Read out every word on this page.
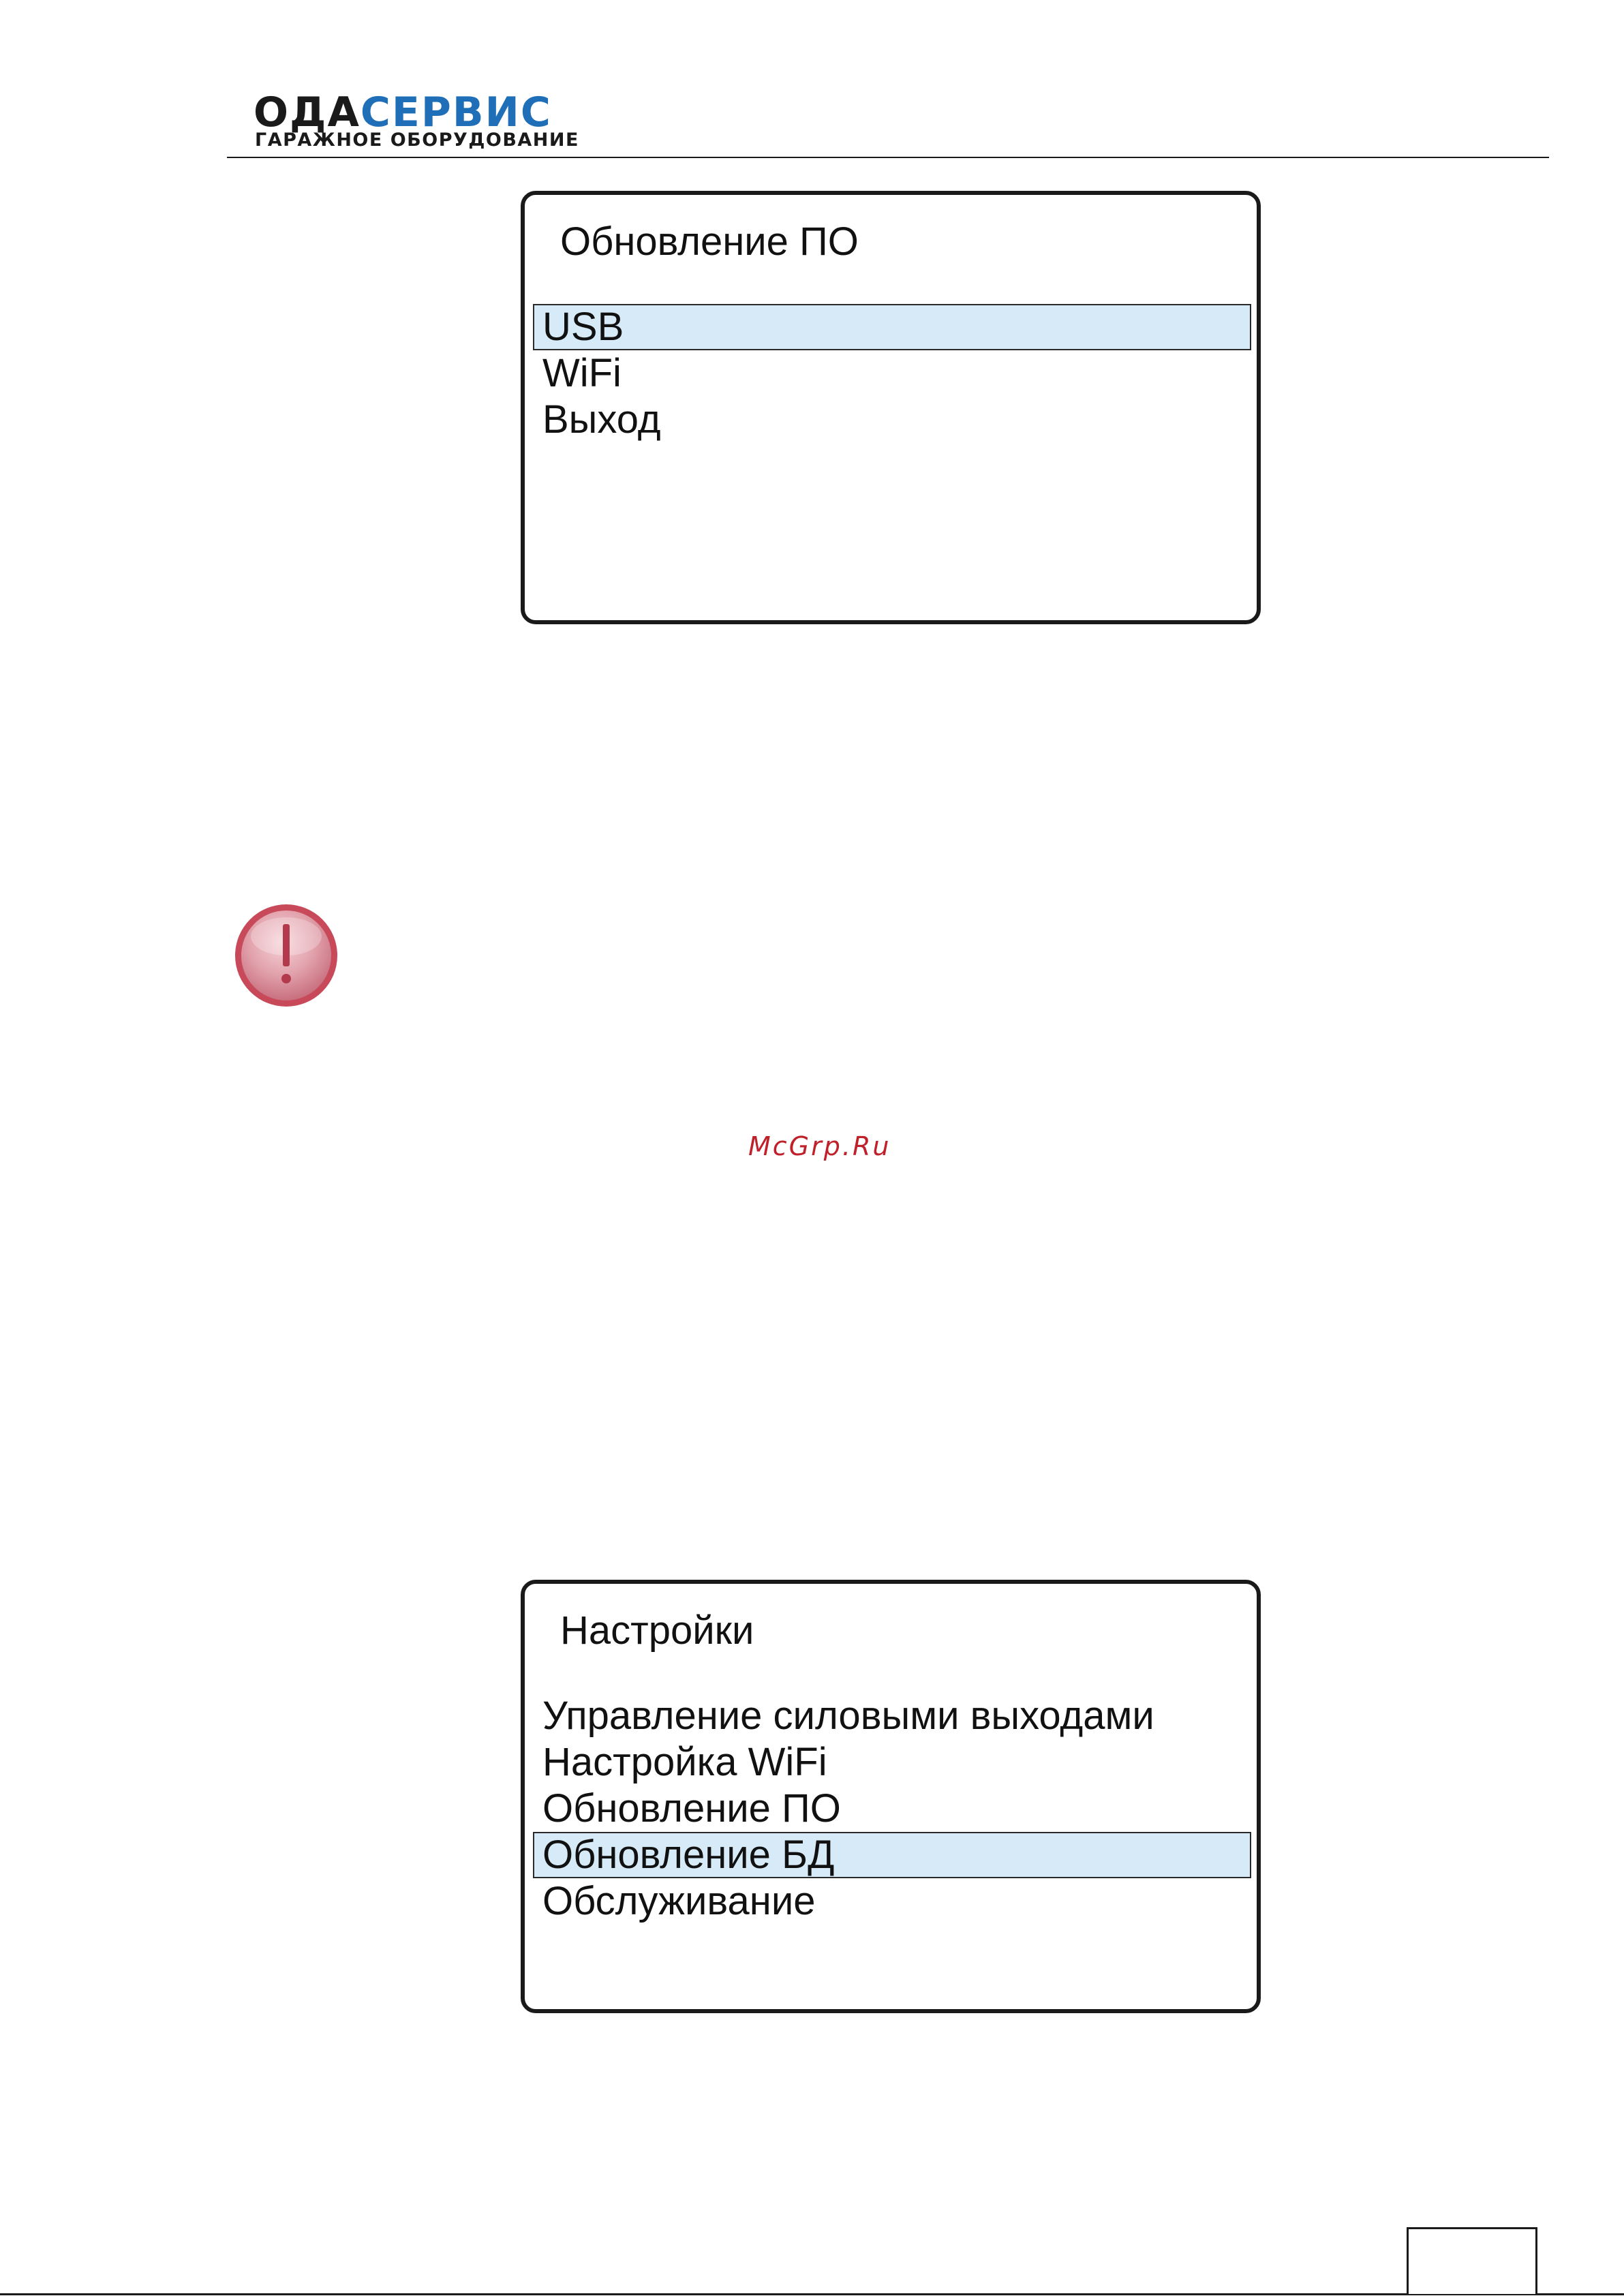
ОДАСЕРВИС
ГАРАЖНОЕ ОБОРУДОВАНИЕ
Обновление ПО
USB
WiFi
Выход
McGrp.Ru
Настройки
Управление силовыми выходами
Настройка WiFi
Обновление ПО
Обновление БД
Обслуживание
